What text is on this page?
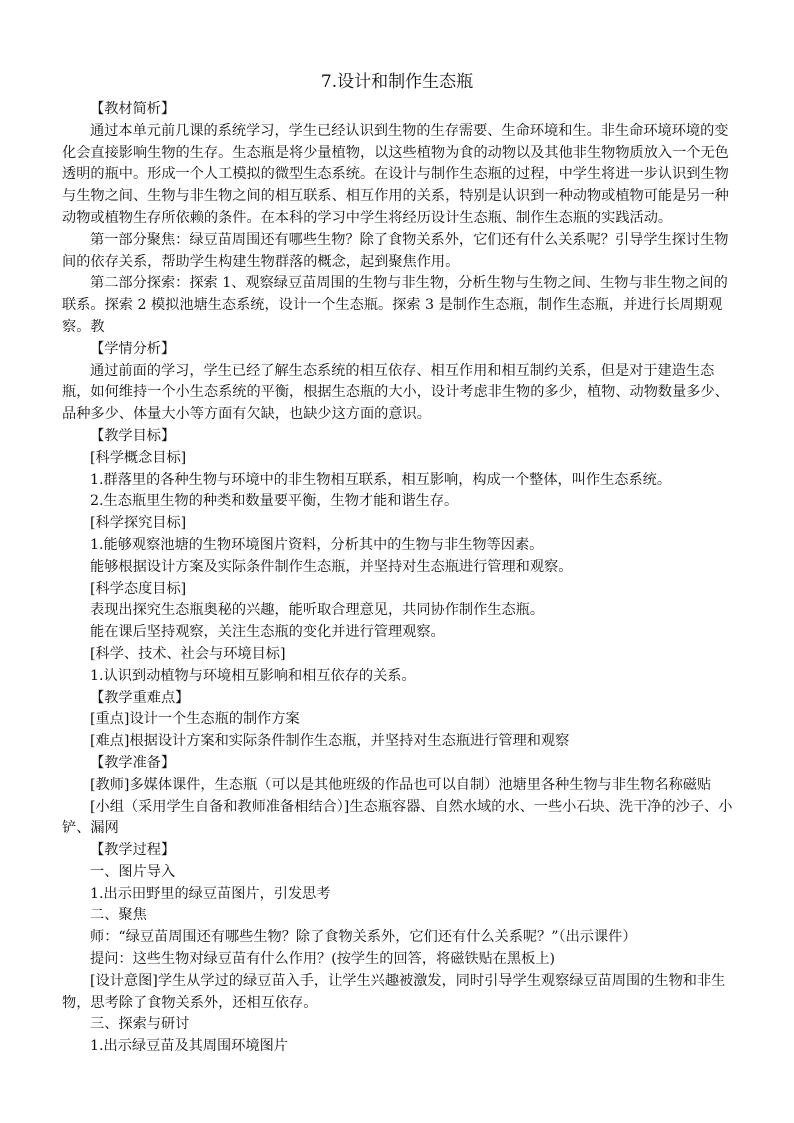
7.设计和制作生态瓶

【教材简析】

通过本单元前几课的系统学习，学生已经认识到生物的生存需要、生命环境和生。非生命环境环境的变化会直接影响生物的生存。生态瓶是将少量植物，以这些植物为食的动物以及其他非生物物质放入一个无色透明的瓶中。形成一个人工模拟的微型生态系统。在设计与制作生态瓶的过程，中学生将进一步认识到生物与生物之间、生物与非生物之间的相互联系、相互作用的关系，特别是认识到一种动物或植物可能是另一种动物或植物生存所依赖的条件。在本科的学习中学生将经历设计生态瓶、制作生态瓶的实践活动。

第一部分聚焦：绿豆苗周围还有哪些生物？除了食物关系外，它们还有什么关系呢？引导学生探讨生物间的依存关系，帮助学生构建生物群落的概念，起到聚焦作用。

第二部分探索：探索 1、观察绿豆苗周围的生物与非生物，分析生物与生物之间、生物与非生物之间的联系。探索 2 模拟池塘生态系统，设计一个生态瓶。探索 3 是制作生态瓶，制作生态瓶，并进行长周期观察。教

【学情分析】

通过前面的学习，学生已经了解生态系统的相互依存、相互作用和相互制约关系，但是对于建造生态瓶，如何维持一个小生态系统的平衡，根据生态瓶的大小，设计考虑非生物的多少，植物、动物数量多少、品种多少、体量大小等方面有欠缺，也缺少这方面的意识。

【教学目标】

[科学概念目标]

1.群落里的各种生物与环境中的非生物相互联系，相互影响，构成一个整体，叫作生态系统。

2.生态瓶里生物的种类和数量要平衡，生物才能和谐生存。

[科学探究目标]

1.能够观察池塘的生物环境图片资料，分析其中的生物与非生物等因素。

能够根据设计方案及实际条件制作生态瓶，并坚持对生态瓶进行管理和观察。

[科学态度目标]

表现出探究生态瓶奥秘的兴趣，能听取合理意见，共同协作制作生态瓶。

能在课后坚持观察，关注生态瓶的变化并进行管理观察。

[科学、技术、社会与环境目标]

1.认识到动植物与环境相互影响和相互依存的关系。

【教学重难点】

[重点]设计一个生态瓶的制作方案

[难点]根据设计方案和实际条件制作生态瓶，并坚持对生态瓶进行管理和观察

【教学准备】

[教师]多媒体课件，生态瓶（可以是其他班级的作品也可以自制）池塘里各种生物与非生物名称磁贴

[小组（采用学生自备和教师准备相结合）]生态瓶容器、自然水域的水、一些小石块、洗干净的沙子、小铲、漏网

【教学过程】

一、图片导入

1.出示田野里的绿豆苗图片，引发思考

二、聚焦

师：“绿豆苗周围还有哪些生物？除了食物关系外，它们还有什么关系呢？”（出示课件）

提问：这些生物对绿豆苗有什么作用？(按学生的回答，将磁铁贴在黑板上)

[设计意图]学生从学过的绿豆苗入手，让学生兴趣被激发，同时引导学生观察绿豆苗周围的生物和非生物，思考除了食物关系外，还相互依存。

三、探索与研讨

1.出示绿豆苗及其周围环境图片
